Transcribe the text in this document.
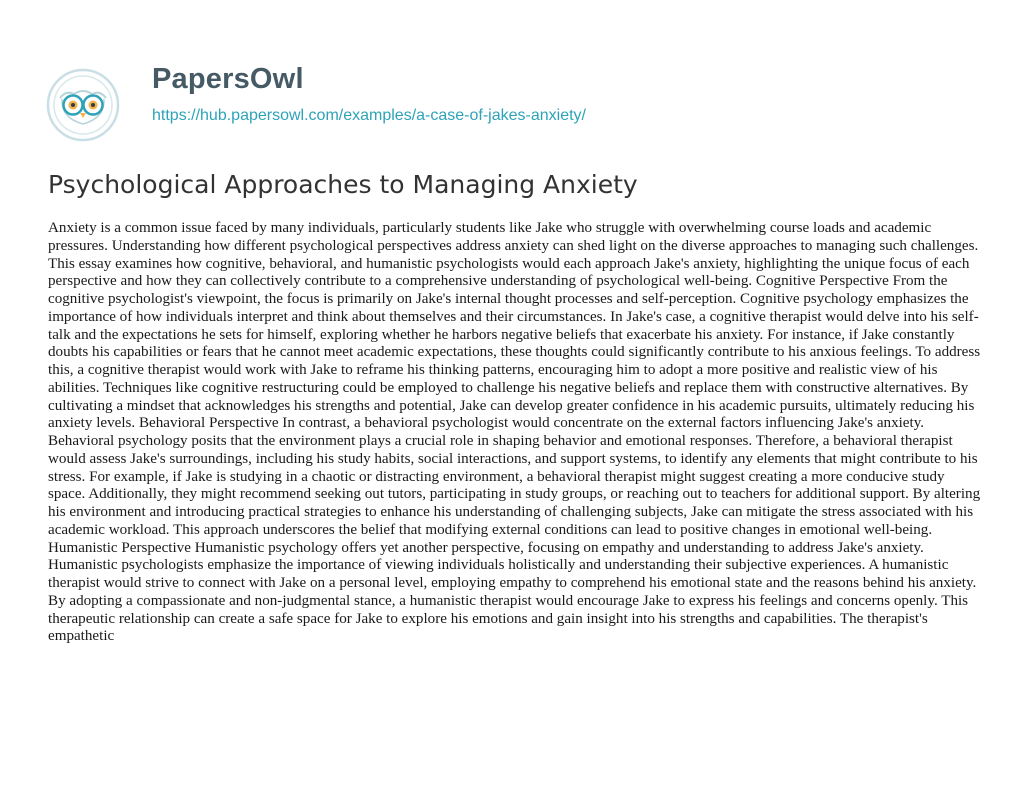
PapersOwl
https://hub.papersowl.com/examples/a-case-of-jakes-anxiety/
Psychological Approaches to Managing Anxiety

Anxiety is a common issue faced by many individuals, particularly students like Jake who struggle with overwhelming course loads and academic pressures. Understanding how different psychological perspectives address anxiety can shed light on the diverse approaches to managing such challenges. This essay examines how cognitive, behavioral, and humanistic psychologists would each approach Jake's anxiety, highlighting the unique focus of each perspective and how they can collectively contribute to a comprehensive understanding of psychological well-being. Cognitive Perspective From the cognitive psychologist's viewpoint, the focus is primarily on Jake's internal thought processes and self-perception. Cognitive psychology emphasizes the importance of how individuals interpret and think about themselves and their circumstances. In Jake's case, a cognitive therapist would delve into his self-talk and the expectations he sets for himself, exploring whether he harbors negative beliefs that exacerbate his anxiety. For instance, if Jake constantly doubts his capabilities or fears that he cannot meet academic expectations, these thoughts could significantly contribute to his anxious feelings. To address this, a cognitive therapist would work with Jake to reframe his thinking patterns, encouraging him to adopt a more positive and realistic view of his abilities. Techniques like cognitive restructuring could be employed to challenge his negative beliefs and replace them with constructive alternatives. By cultivating a mindset that acknowledges his strengths and potential, Jake can develop greater confidence in his academic pursuits, ultimately reducing his anxiety levels. Behavioral Perspective In contrast, a behavioral psychologist would concentrate on the external factors influencing Jake's anxiety. Behavioral psychology posits that the environment plays a crucial role in shaping behavior and emotional responses. Therefore, a behavioral therapist would assess Jake's surroundings, including his study habits, social interactions, and support systems, to identify any elements that might contribute to his stress. For example, if Jake is studying in a chaotic or distracting environment, a behavioral therapist might suggest creating a more conducive study space. Additionally, they might recommend seeking out tutors, participating in study groups, or reaching out to teachers for additional support. By altering his environment and introducing practical strategies to enhance his understanding of challenging subjects, Jake can mitigate the stress associated with his academic workload. This approach underscores the belief that modifying external conditions can lead to positive changes in emotional well-being. Humanistic Perspective Humanistic psychology offers yet another perspective, focusing on empathy and understanding to address Jake's anxiety. Humanistic psychologists emphasize the importance of viewing individuals holistically and understanding their subjective experiences. A humanistic therapist would strive to connect with Jake on a personal level, employing empathy to comprehend his emotional state and the reasons behind his anxiety. By adopting a compassionate and non-judgmental stance, a humanistic therapist would encourage Jake to express his feelings and concerns openly. This therapeutic relationship can create a safe space for Jake to explore his emotions and gain insight into his strengths and capabilities. The therapist's empathetic
